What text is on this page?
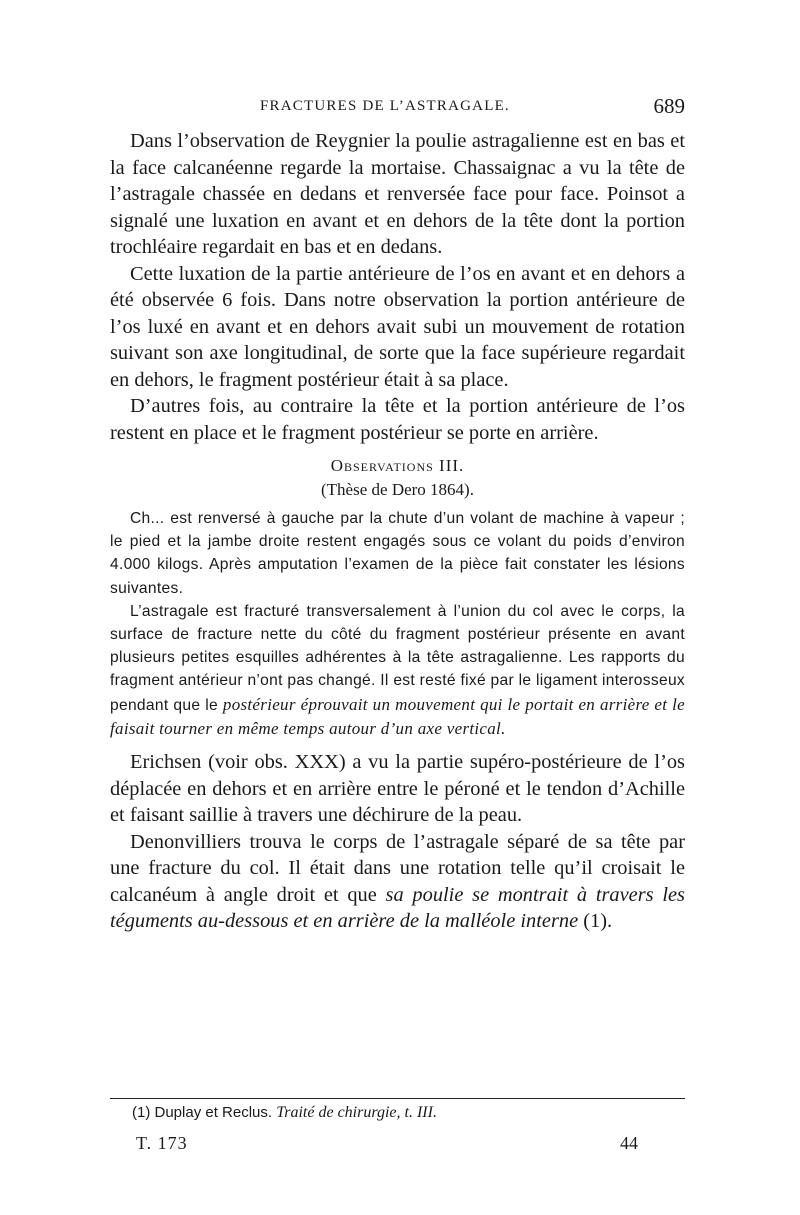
FRACTURES DE L’ASTRAGALE.	689

Dans l’observation de Reygnier la poulie astragalienne est en bas et la face calcanéenne regarde la mortaise. Chassaignac a vu la tête de l’astragale chassée en dedans et renversée face pour face. Poinsot a signalé une luxation en avant et en dehors de la tête dont la portion trochléaire regardait en bas et en dedans.

Cette luxation de la partie antérieure de l’os en avant et en dehors a été observée 6 fois. Dans notre observation la portion antérieure de l’os luxé en avant et en dehors avait subi un mouvement de rotation suivant son axe longitudinal, de sorte que la face supérieure regardait en dehors, le fragment postérieur était à sa place.

D’autres fois, au contraire la tête et la portion antérieure de l’os restent en place et le fragment postérieur se porte en arrière.

Observations III.
(Thèse de Dero 1864).

Ch... est renversé à gauche par la chute d’un volant de machine à vapeur ; le pied et la jambe droite restent engagés sous ce volant du poids d’environ 4.000 kilogs. Après amputation l’examen de la pièce fait constater les lésions suivantes.

L’astragale est fracturé transversalement à l’union du col avec le corps, la surface de fracture nette du côté du fragment postérieur présente en avant plusieurs petites esquilles adhérentes à la tête astragalienne. Les rapports du fragment antérieur n’ont pas changé. Il est resté fixé par le ligament interosseux pendant que le postérieur éprouvait un mouvement qui le portait en arrière et le faisait tourner en même temps autour d’un axe vertical.

Erichsen (voir obs. XXX) a vu la partie supéro-postérieure de l’os déplacée en dehors et en arrière entre le péroné et le tendon d’Achille et faisant saillie à travers une déchirure de la peau.

Denonvilliers trouva le corps de l’astragale séparé de sa tête par une fracture du col. Il était dans une rotation telle qu’il croisait le calcanéum à angle droit et que sa poulie se montrait à travers les téguments au-dessous et en arrière de la malléole interne (1).

(1) Duplay et Reclus. Traité de chirurgie, t. III.
T. 173	44
